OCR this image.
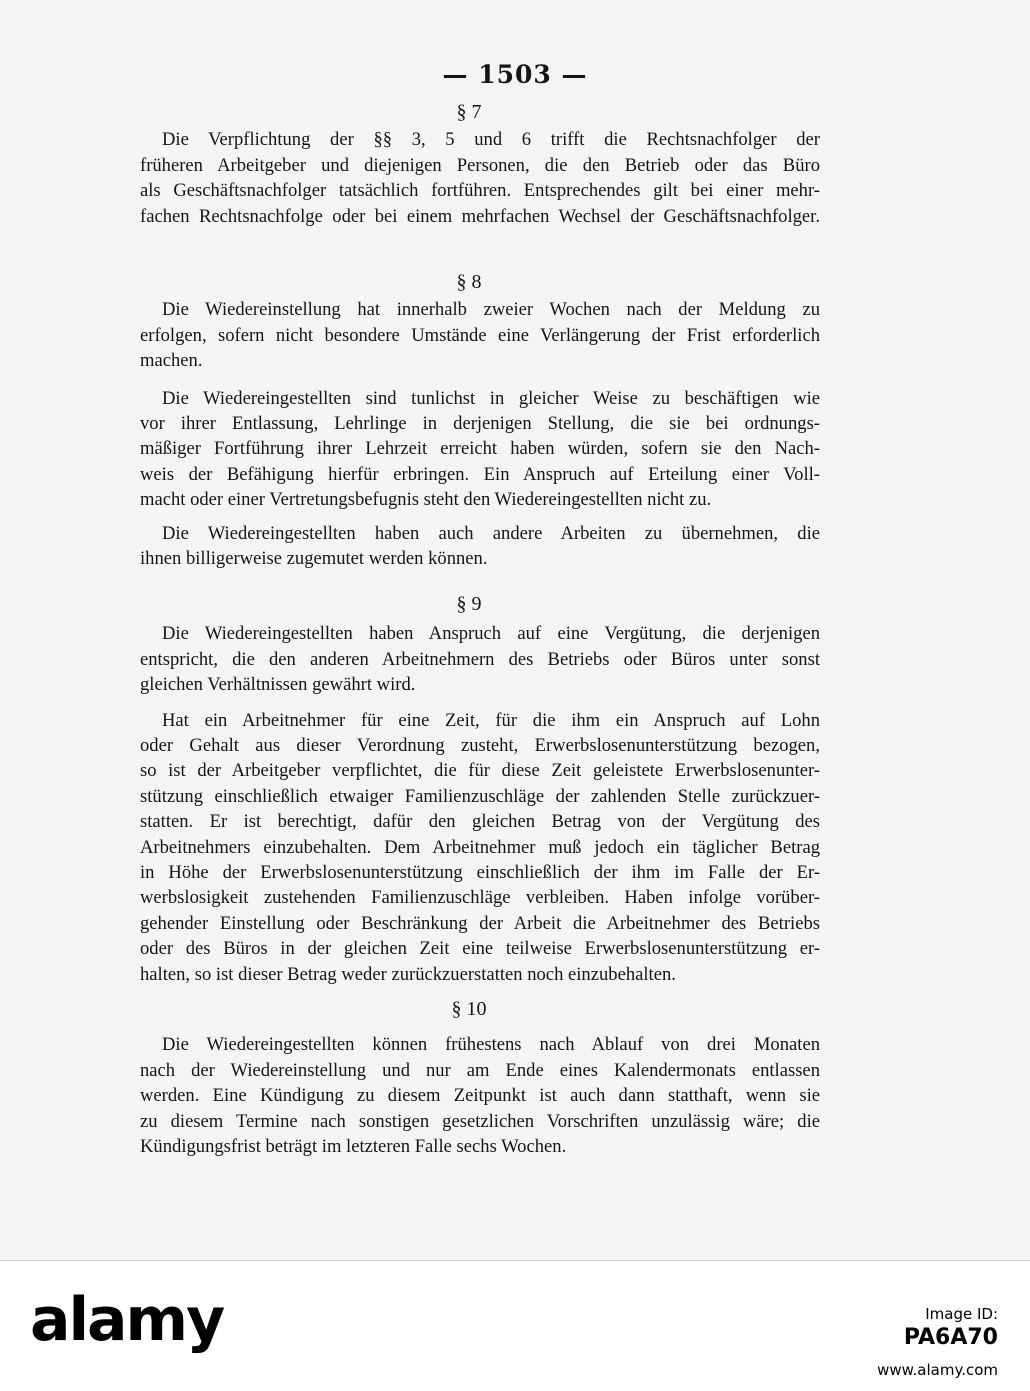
— 1503 —
§ 7
Die Verpflichtung der §§ 3, 5 und 6 trifft die Rechtsnachfolger der
früheren Arbeitgeber und diejenigen Personen, die den Betrieb oder das Büro
als Geschäftsnachfolger tatsächlich fortführen. Entsprechendes gilt bei einer mehr-
fachen Rechtsnachfolge oder bei einem mehrfachen Wechsel der Geschäftsnachfolger.
§ 8
Die Wiedereinstellung hat innerhalb zweier Wochen nach der Meldung zu
erfolgen, sofern nicht besondere Umstände eine Verlängerung der Frist erforderlich
machen.
Die Wiedereingestellten sind tunlichst in gleicher Weise zu beschäftigen wie
vor ihrer Entlassung, Lehrlinge in derjenigen Stellung, die sie bei ordnungs-
mäßiger Fortführung ihrer Lehrzeit erreicht haben würden, sofern sie den Nach-
weis der Befähigung hierfür erbringen. Ein Anspruch auf Erteilung einer Voll-
macht oder einer Vertretungsbefugnis steht den Wiedereingestellten nicht zu.
Die Wiedereingestellten haben auch andere Arbeiten zu übernehmen, die
ihnen billigerweise zugemutet werden können.
§ 9
Die Wiedereingestellten haben Anspruch auf eine Vergütung, die derjenigen
entspricht, die den anderen Arbeitnehmern des Betriebs oder Büros unter sonst
gleichen Verhältnissen gewährt wird.
Hat ein Arbeitnehmer für eine Zeit, für die ihm ein Anspruch auf Lohn
oder Gehalt aus dieser Verordnung zusteht, Erwerbslosenunterstützung bezogen,
so ist der Arbeitgeber verpflichtet, die für diese Zeit geleistete Erwerbslosenunter-
stützung einschließlich etwaiger Familienzuschläge der zahlenden Stelle zurückzuer-
statten. Er ist berechtigt, dafür den gleichen Betrag von der Vergütung des
Arbeitnehmers einzubehalten. Dem Arbeitnehmer muß jedoch ein täglicher Betrag
in Höhe der Erwerbslosenunterstützung einschließlich der ihm im Falle der Er-
werbslosigkeit zustehenden Familienzuschläge verbleiben. Haben infolge vorüber-
gehender Einstellung oder Beschränkung der Arbeit die Arbeitnehmer des Betriebs
oder des Büros in der gleichen Zeit eine teilweise Erwerbslosenunterstützung er-
halten, so ist dieser Betrag weder zurückzuerstatten noch einzubehalten.
§ 10
Die Wiedereingestellten können frühestens nach Ablauf von drei Monaten
nach der Wiedereinstellung und nur am Ende eines Kalendermonats entlassen
werden. Eine Kündigung zu diesem Zeitpunkt ist auch dann statthaft, wenn sie
zu diesem Termine nach sonstigen gesetzlichen Vorschriften unzulässig wäre; die
Kündigungsfrist beträgt im letzteren Falle sechs Wochen.
alamy	Image ID:
PA6A70
www.alamy.com
